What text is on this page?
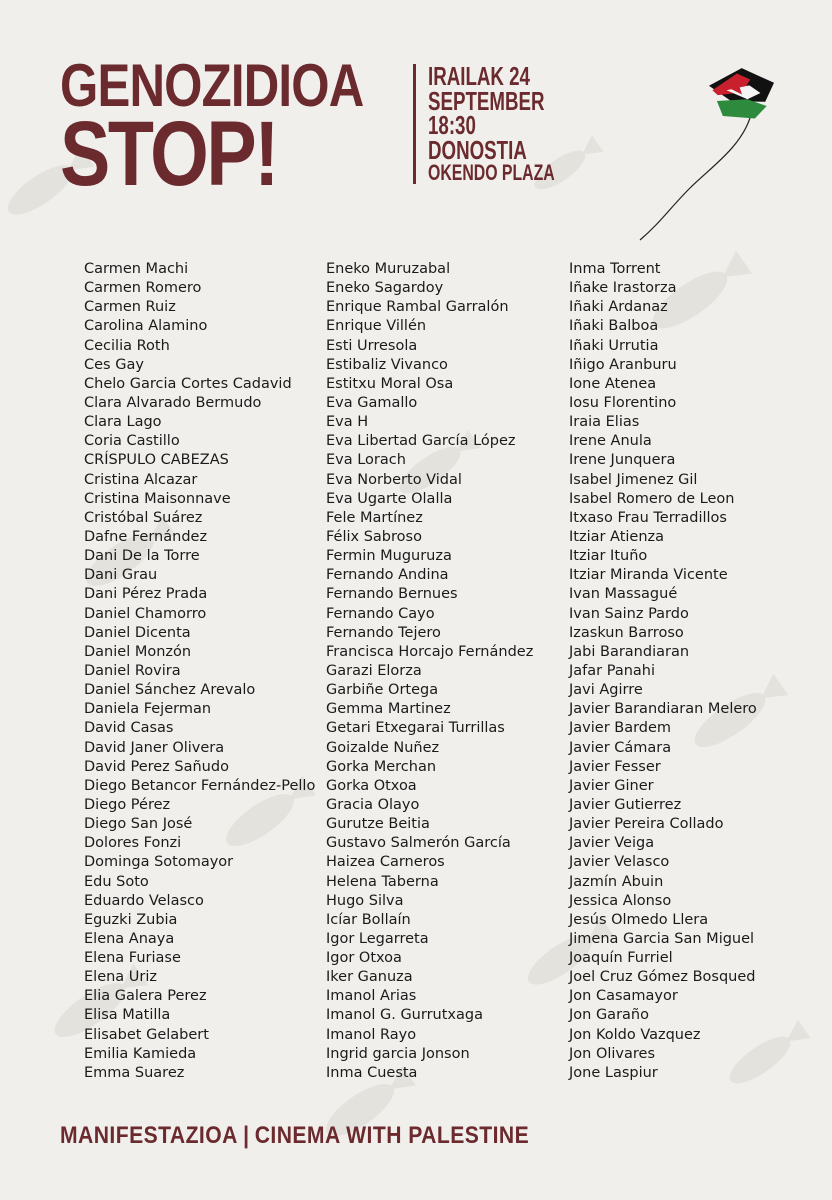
GENOZIDIOA
STOP!
IRAILAK 24
SEPTEMBER
18:30
DONOSTIA
OKENDO PLAZA
Carmen Machi
Carmen Romero
Carmen Ruiz
Carolina Alamino
Cecilia Roth
Ces Gay
Chelo Garcia Cortes Cadavid
Clara Alvarado Bermudo
Clara Lago
Coria Castillo
CRÍSPULO CABEZAS
Cristina Alcazar
Cristina Maisonnave
Cristóbal Suárez
Dafne Fernández
Dani De la Torre
Dani Grau
Dani Pérez Prada
Daniel Chamorro
Daniel Dicenta
Daniel Monzón
Daniel Rovira
Daniel Sánchez Arevalo
Daniela Fejerman
David Casas
David Janer Olivera
David Perez Sañudo
Diego Betancor Fernández-Pello
Diego Pérez
Diego San José
Dolores Fonzi
Dominga Sotomayor
Edu Soto
Eduardo Velasco
Eguzki Zubia
Elena Anaya
Elena Furiase
Elena Uriz
Elia Galera Perez
Elisa Matilla
Elisabet Gelabert
Emilia Kamieda
Emma Suarez
Eneko Muruzabal
Eneko Sagardoy
Enrique Rambal Garralón
Enrique Villén
Esti Urresola
Estibaliz Vivanco
Estitxu Moral Osa
Eva Gamallo
Eva H
Eva Libertad García López
Eva Lorach
Eva Norberto Vidal
Eva Ugarte Olalla
Fele Martínez
Félix Sabroso
Fermin Muguruza
Fernando Andina
Fernando Bernues
Fernando Cayo
Fernando Tejero
Francisca Horcajo Fernández
Garazi Elorza
Garbiñe Ortega
Gemma Martinez
Getari Etxegarai Turrillas
Goizalde Nuñez
Gorka Merchan
Gorka Otxoa
Gracia Olayo
Gurutze Beitia
Gustavo Salmerón García
Haizea Carneros
Helena Taberna
Hugo Silva
Icíar Bollaín
Igor Legarreta
Igor Otxoa
Iker Ganuza
Imanol Arias
Imanol G. Gurrutxaga
Imanol Rayo
Ingrid garcia Jonson
Inma Cuesta
Inma Torrent
Iñake Irastorza
Iñaki Ardanaz
Iñaki Balboa
Iñaki Urrutia
Iñigo Aranburu
Ione Atenea
Iosu Florentino
Iraia Elias
Irene Anula
Irene Junquera
Isabel Jimenez Gil
Isabel Romero de Leon
Itxaso Frau Terradillos
Itziar Atienza
Itziar Ituño
Itziar Miranda Vicente
Ivan Massagué
Ivan Sainz Pardo
Izaskun Barroso
Jabi Barandiaran
Jafar Panahi
Javi Agirre
Javier Barandiaran Melero
Javier Bardem
Javier Cámara
Javier Fesser
Javier Giner
Javier Gutierrez
Javier Pereira Collado
Javier Veiga
Javier Velasco
Jazmín Abuin
Jessica Alonso
Jesús Olmedo Llera
Jimena Garcia San Miguel
Joaquín Furriel
Joel Cruz Gómez Bosqued
Jon Casamayor
Jon Garaño
Jon Koldo Vazquez
Jon Olivares
Jone Laspiur
MANIFESTAZIOA | CINEMA WITH PALESTINE
